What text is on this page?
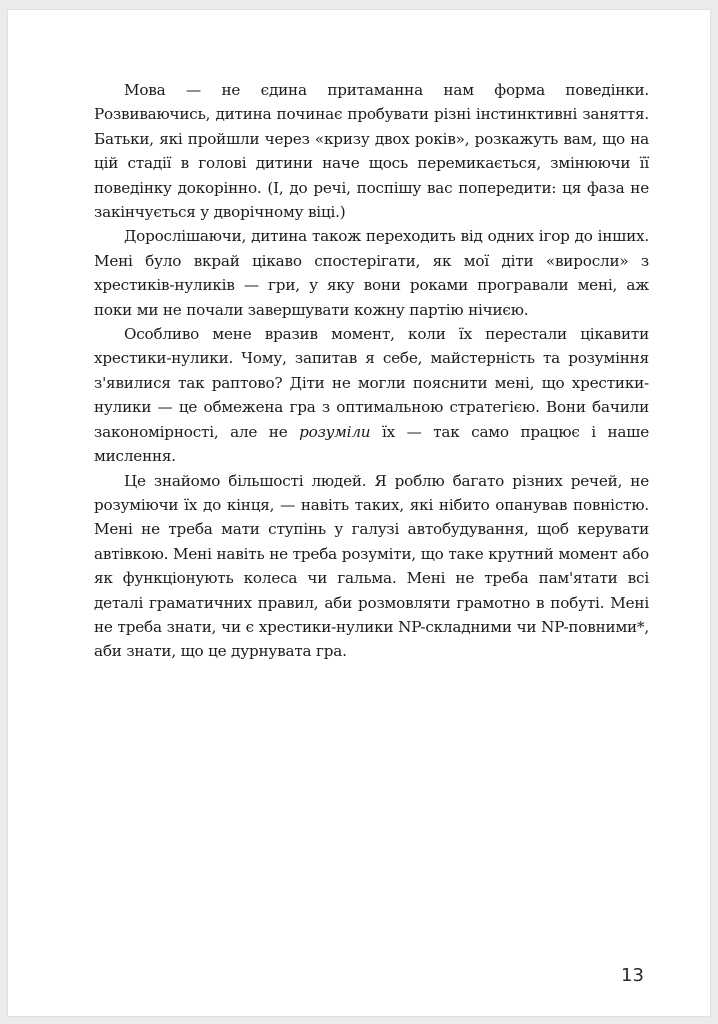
Мова — не єдина притаманна нам форма поведінки. Розвиваючись, дитина починає пробувати різні інстинктивні заняття. Батьки, які пройшли через «кризу двох років», розкажуть вам, що на цій стадії в голові дитини наче щось перемикається, змінюючи її поведінку докорінно. (І, до речі, поспішу вас попередити: ця фаза не закінчується у дворічному віці.)

Дорослішаючи, дитина також переходить від одних ігор до інших. Мені було вкрай цікаво спостерігати, як мої діти «виросли» з хрестиків-нуликів — гри, у яку вони роками програвали мені, аж поки ми не почали завершувати кожну партію нічиєю.

Особливо мене вразив момент, коли їх перестали цікавити хрестики-нулики. Чому, запитав я себе, майстерність та розуміння з'явилися так раптово? Діти не могли пояснити мені, що хрестики-нулики — це обмежена гра з оптимальною стратегією. Вони бачили закономірності, але не розуміли їх — так само працює і наше мислення.

Це знайомо більшості людей. Я роблю багато різних речей, не розуміючи їх до кінця, — навіть таких, які нібито опанував повністю. Мені не треба мати ступінь у галузі автобудування, щоб керувати автівкою. Мені навіть не треба розуміти, що таке крутний момент або як функціонують колеса чи гальма. Мені не треба пам'ятати всі деталі граматичних правил, аби розмовляти грамотно в побуті. Мені не треба знати, чи є хрестики-нулики NP-складними чи NP-повними*, аби знати, що це дурнувата гра.

13
